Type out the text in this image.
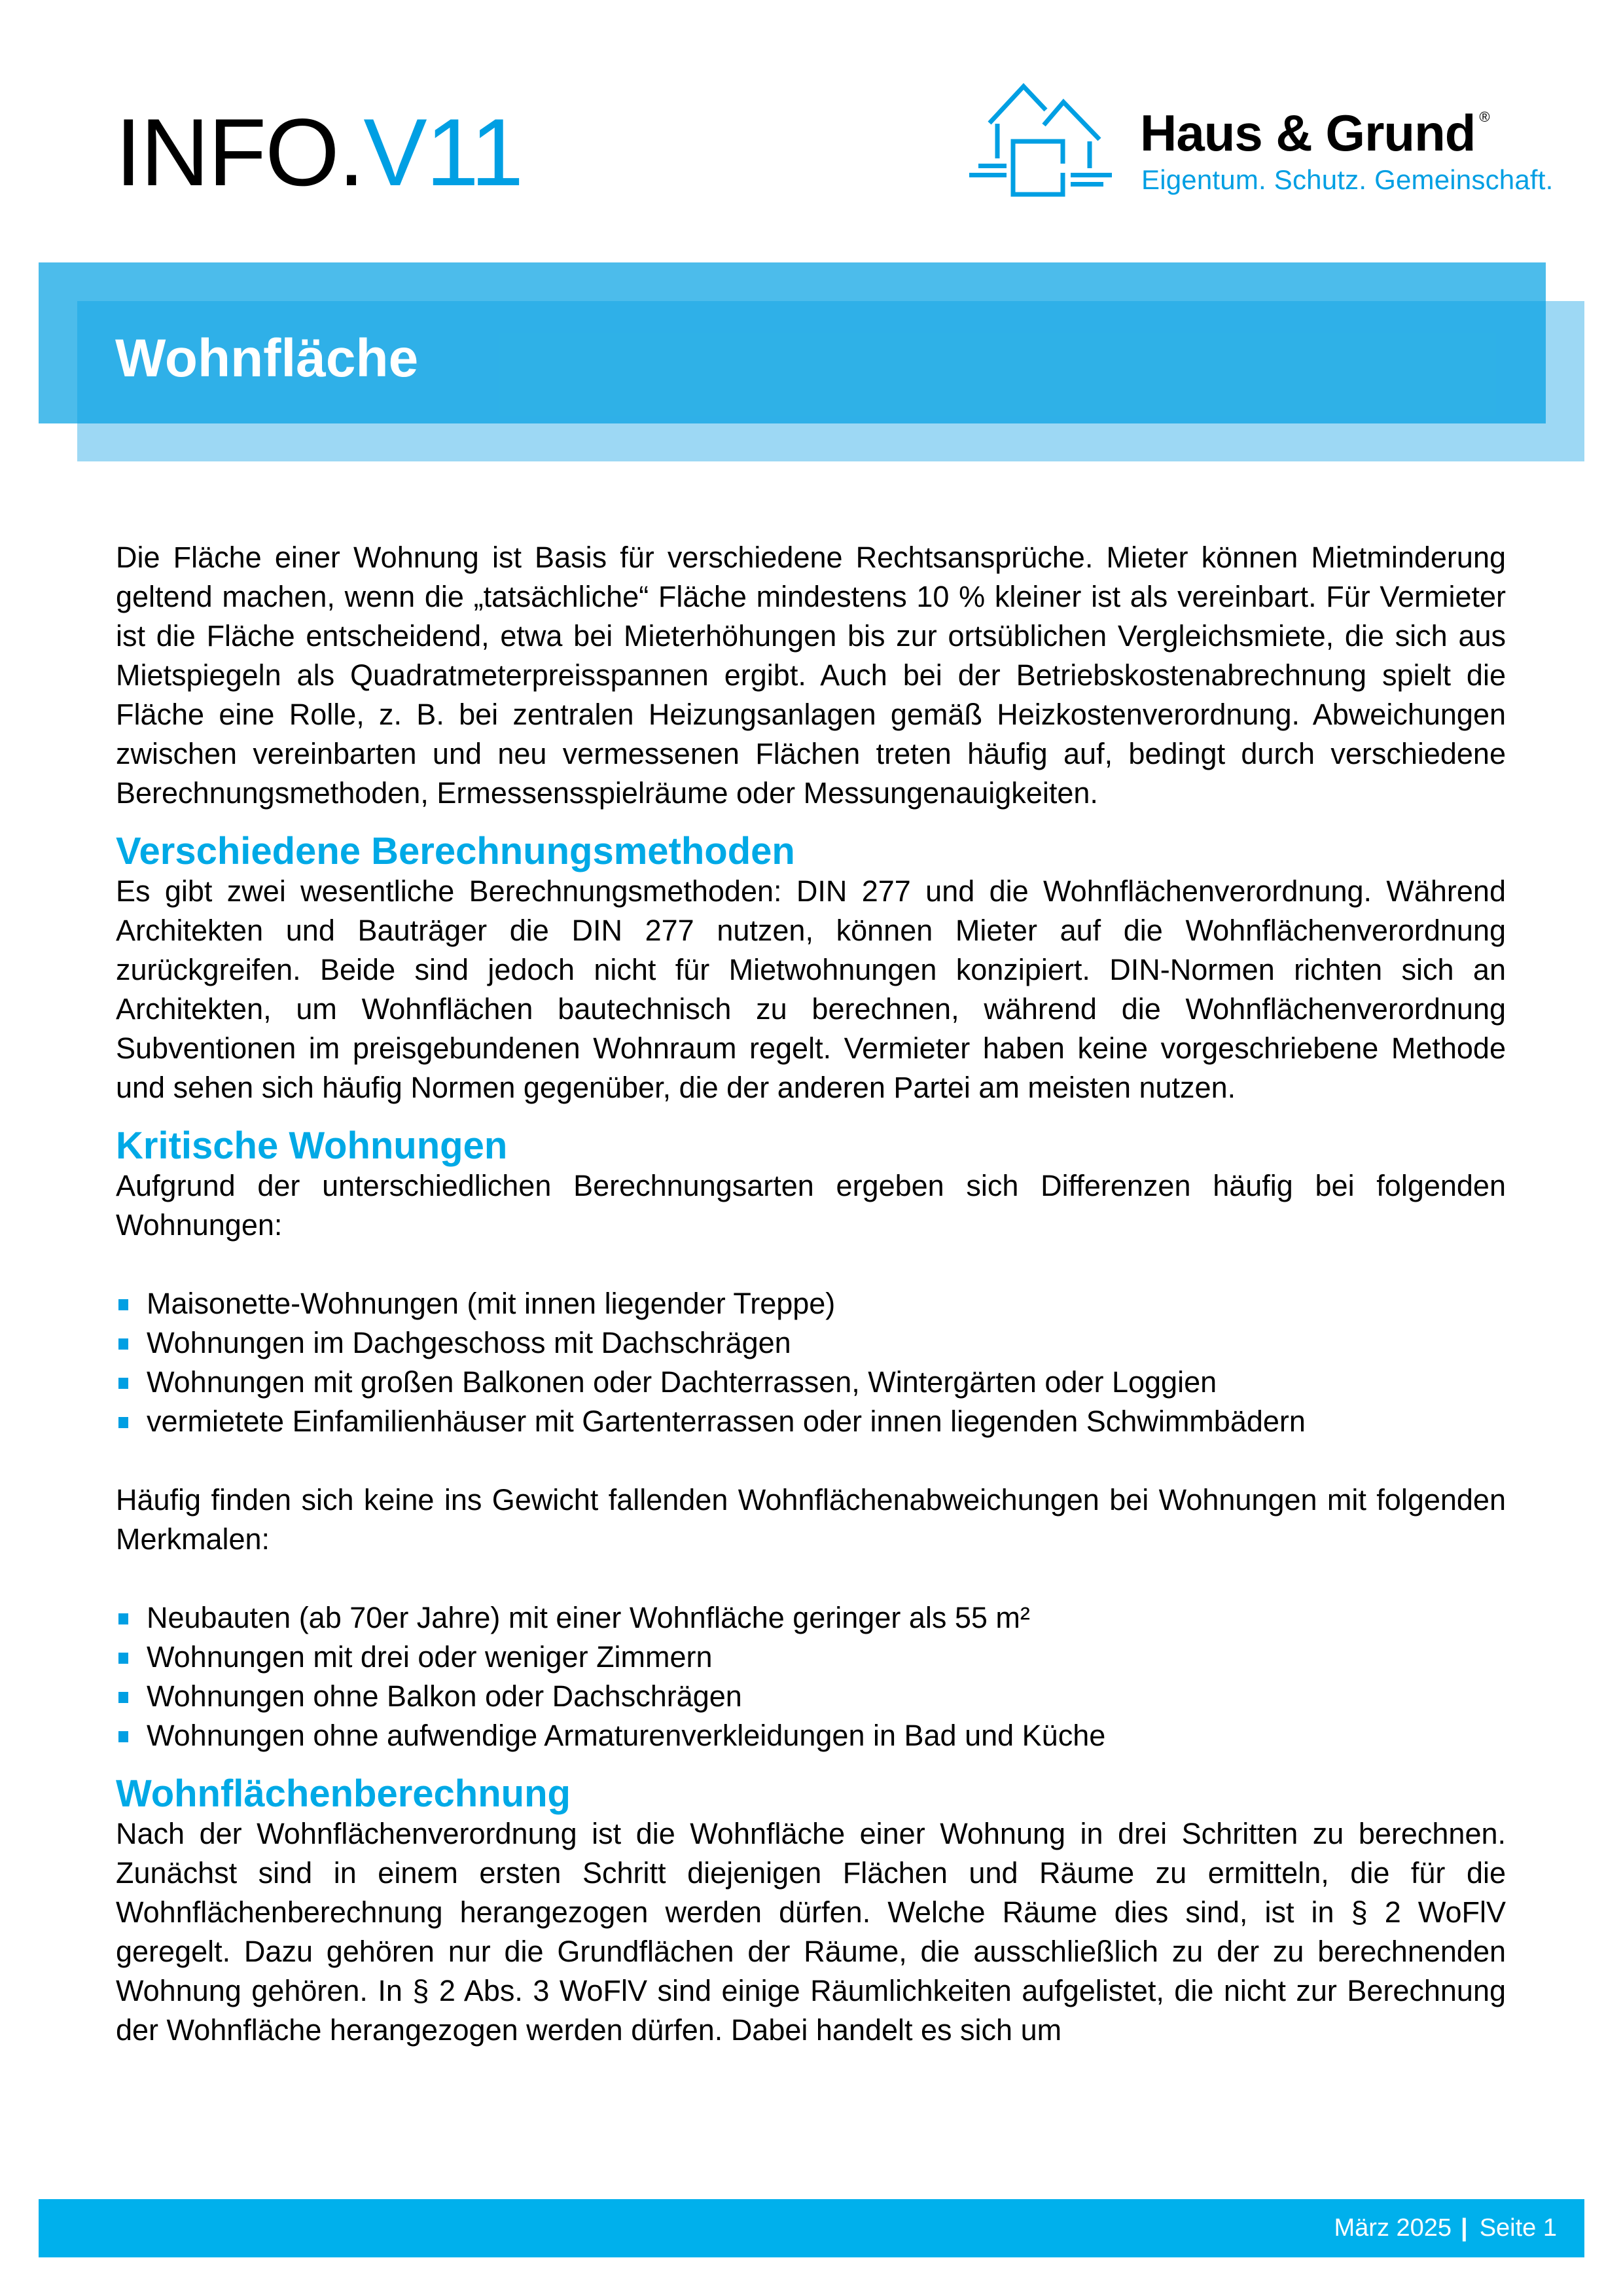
INFO.V11	Haus & Grund ®
Eigentum. Schutz. Gemeinschaft.
Wohnfläche

Die Fläche einer Wohnung ist Basis für verschiedene Rechtsansprüche. Mieter können Mietminderung geltend machen, wenn die „tatsächliche“ Fläche mindestens 10 % kleiner ist als vereinbart. Für Vermieter ist die Fläche entscheidend, etwa bei Mieterhöhungen bis zur ortsüblichen Vergleichsmiete, die sich aus Mietspiegeln als Quadratmeterpreisspannen ergibt. Auch bei der Betriebskostenabrechnung spielt die Fläche eine Rolle, z. B. bei zentralen Heizungsanlagen gemäß Heizkostenverordnung. Abweichungen zwischen vereinbarten und neu vermessenen Flächen treten häufig auf, bedingt durch verschiedene Berechnungsmethoden, Ermessensspielräume oder Messungenauigkeiten.

Verschiedene Berechnungsmethoden

Es gibt zwei wesentliche Berechnungsmethoden: DIN 277 und die Wohnflächenverordnung. Während Architekten und Bauträger die DIN 277 nutzen, können Mieter auf die Wohnflächenverordnung zurückgreifen. Beide sind jedoch nicht für Mietwohnungen konzipiert. DIN-Normen richten sich an Architekten, um Wohnflächen bautechnisch zu berechnen, während die Wohnflächenverordnung Subventionen im preisgebundenen Wohnraum regelt. Vermieter haben keine vorgeschriebene Methode und sehen sich häufig Normen gegenüber, die der anderen Partei am meisten nutzen.

Kritische Wohnungen

Aufgrund der unterschiedlichen Berechnungsarten ergeben sich Differenzen häufig bei folgenden Wohnungen:

Maisonette-Wohnungen (mit innen liegender Treppe)
Wohnungen im Dachgeschoss mit Dachschrägen
Wohnungen mit großen Balkonen oder Dachterrassen, Wintergärten oder Loggien
vermietete Einfamilienhäuser mit Gartenterrassen oder innen liegenden Schwimmbädern

Häufig finden sich keine ins Gewicht fallenden Wohnflächenabweichungen bei Wohnungen mit folgenden Merkmalen:

Neubauten (ab 70er Jahre) mit einer Wohnfläche geringer als 55 m²
Wohnungen mit drei oder weniger Zimmern
Wohnungen ohne Balkon oder Dachschrägen
Wohnungen ohne aufwendige Armaturenverkleidungen in Bad und Küche
Wohnflächenberechnung

Nach der Wohnflächenverordnung ist die Wohnfläche einer Wohnung in drei Schritten zu berechnen. Zunächst sind in einem ersten Schritt diejenigen Flächen und Räume zu ermitteln, die für die Wohnflächenberechnung herangezogen werden dürfen. Welche Räume dies sind, ist in § 2 WoFlV geregelt. Dazu gehören nur die Grundflächen der Räume, die ausschließlich zu der zu berechnenden Wohnung gehören. In § 2 Abs. 3 WoFlV sind einige Räumlichkeiten aufgelistet, die nicht zur Berechnung der Wohnfläche herangezogen werden dürfen. Dabei handelt es sich um

März 2025 | Seite 1
